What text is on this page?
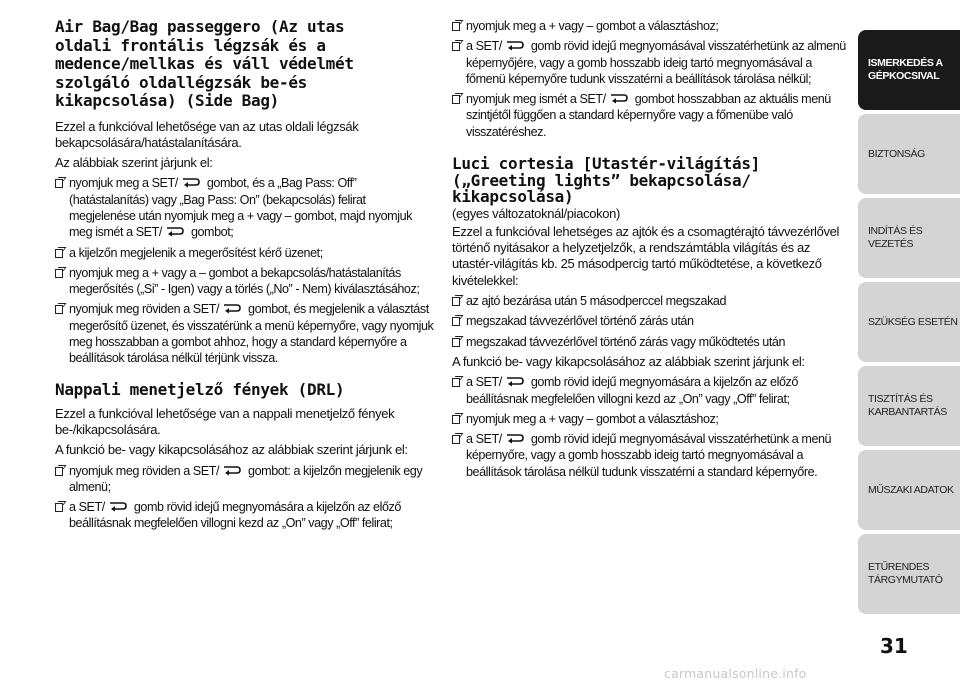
Air Bag/Bag passeggero (Az utas oldali frontális légzsák és a medence/mellkas és váll védelmét szolgáló oldallégzsák be-és kikapcsolása) (Side Bag)
Ezzel a funkcióval lehetősége van az utas oldali légzsák bekapcsolására/hatástalanítására.
Az alábbiak szerint járjunk el:
nyomjuk meg a SET/
gombot, és a „Bag Pass: Off” (hatástalanítás) vagy „Bag Pass: On” (bekapcsolás) felirat megjelenése után nyomjuk meg a + vagy – gombot, majd nyomjuk meg ismét a SET/
gombot;
a kijelzőn megjelenik a megerősítést kérő üzenet;
nyomjuk meg a + vagy a – gombot a bekapcsolás/hatástalanítás megerősítés („Si” - Igen) vagy a törlés („No” - Nem) kiválasztásához;
nyomjuk meg röviden a SET/
gombot, és megjelenik a választást megerősítő üzenet, és visszatérünk a menü képernyőre, vagy nyomjuk meg hosszabban a gombot ahhoz, hogy a standard képernyőre a beállítások tárolása nélkül térjünk vissza.
Nappali menetjelző fények (DRL)
Ezzel a funkcióval lehetősége van a nappali menetjelző fények be-/kikapcsolására.
A funkció be- vagy kikapcsolásához az alábbiak szerint járjunk el:
nyomjuk meg röviden a SET/
gombot: a kijelzőn megjelenik egy almenü;
a SET/
gomb rövid idejű megnyomására a kijelzőn az előző beállításnak megfelelően villogni kezd az „On” vagy „Off” felirat;
nyomjuk meg a + vagy – gombot a választáshoz;
a SET/
gomb rövid idejű megnyomásával visszatérhetünk az almenü képernyőjére, vagy a gomb hosszabb ideig tartó megnyomásával a főmenü képernyőre tudunk visszatérni a beállítások tárolása nélkül;
nyomjuk meg ismét a SET/
gombot hosszabban az aktuális menü szintjétől függően a standard képernyőre vagy a főmenübe való visszatéréshez.
Luci cortesia [Utastér-világítás] („Greeting lights” bekapcsolása/ kikapcsolása)
(egyes változatoknál/piacokon)
Ezzel a funkcióval lehetséges az ajtók és a csomagtérajtó távvezérlővel történő nyitásakor a helyzetjelzők, a rendszámtábla világítás és az utastér-világítás kb. 25 másodpercig tartó működtetése, a következő kivételekkel:
az ajtó bezárása után 5 másodperccel megszakad
megszakad távvezérlővel történő zárás után
megszakad távvezérlővel történő zárás vagy működtetés után
A funkció be- vagy kikapcsolásához az alábbiak szerint járjunk el:
a SET/
gomb rövid idejű megnyomására a kijelzőn az előző beállításnak megfelelően villogni kezd az „On” vagy „Off” felirat;
nyomjuk meg a + vagy – gombot a választáshoz;
a SET/
gomb rövid idejű megnyomásával visszatérhetünk a menü képernyőre, vagy a gomb hosszabb ideig tartó megnyomásával a beállítások tárolása nélkül tudunk visszatérni a standard képernyőre.
ISMERKEDÉS A
GÉPKOCSIVAL
BIZTONSÁG
INDÍTÁS ÉS VEZETÉS
SZÜKSÉG ESETÉN
TISZTÍTÁS ÉS
KARBANTARTÁS
MŰSZAKI ADATOK
ETŰRENDES
TÁRGYMUTATÓ
31
carmanualsonline.info
